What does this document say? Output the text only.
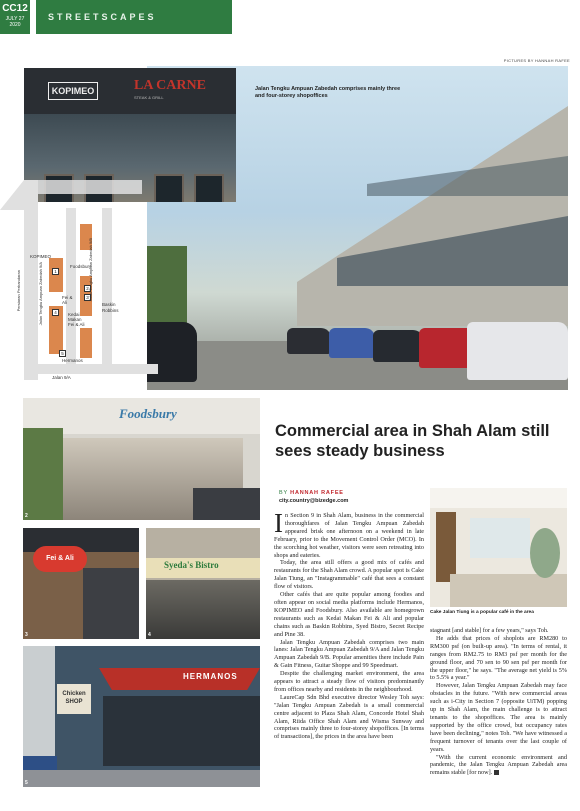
CC12
JULY 27
2020
STREETSCAPES
PICTURES BY HANNAH RAFEE
Jalan Tengku Ampuan Zabedah comprises mainly three and four-storey shopoffices
KOPIMEO	LA CARNE
STEAK & GRILL
1
2
3
4
5
KOPIMEO
Foodsbury
Fei & Ali	Baskin Robbins
Kedai Makan Fei & Ali
Hermanos
Jalan 9/A
Jalan Tengku Ampuan Zabedah 9/B
Jalan Tengku Ampuan Zabedah 9/A
Persiaran Perbandaran
Foodsbury
2
Fei & Ali
3
Syeda's Bistro
4
HERMANOS
Chicken SHOP
5
Commercial area in Shah Alam still sees steady business
BY HANNAH RAFEE
city.country@bizedge.com

In Section 9 in Shah Alam, business in the commercial thoroughfares of Jalan Tengku Ampuan Zabedah appeared brisk one afternoon on a weekend in late February, prior to the Movement Control Order (MCO). In the scorching hot weather, visitors were seen retreating into shops and eateries.

Today, the area still offers a good mix of cafés and restaurants for the Shah Alam crowd. A popular spot is Cake Jalan Tiung, an "Instagrammable" café that sees a constant flow of visitors.

Other cafés that are quite popular among foodies and often appear on social media platforms include Hermanos, KOPIMEO and Foodsbury. Also available are homegrown restaurants such as Kedai Makan Fei & Ali and popular chains such as Baskin Robbins, Syed Bistro, Secret Recipe and Pine 38.

Jalan Tengku Ampuan Zabedah comprises two main lanes: Jalan Tengku Ampuan Zabedah 9/A and Jalan Tengku Ampuan Zabedah 9/B. Popular amenities there include Pain & Gain Fitness, Guitar Shoppe and 99 Speedmart.

Despite the challenging market environment, the area appears to attract a steady flow of visitors predominantly from offices nearby and residents in the neighbourhood.

LaureCap Sdn Bhd executive director Wesley Toh says: "Jalan Tengku Ampuan Zabedah is a small commercial centre adjacent to Plaza Shah Alam, Concorde Hotel Shah Alam, Riida Office Shah Alam and Wisma Sunway and comprises mainly three to four-storey shopoffices. [In terms of transactions], the prices in the area have been

Cake Jalan Tiung is a popular café in the area

stagnant [and stable] for a few years," says Toh.

He adds that prices of shoplots are RM280 to RM300 psf (on built-up area). "In terms of rental, it ranges from RM2.75 to RM3 psf per month for the ground floor, and 70 sen to 90 sen psf per month for the upper floor," he says. "The average net yield is 5% to 5.5% a year."

However, Jalan Tengku Ampuan Zabedah may face obstacles in the future. "With new commercial areas such as i-City in Section 7 (opposite UiTM) popping up in Shah Alam, the main challenge is to attract tenants to the shopoffices. The area is mainly supported by the office crowd, but occupancy rates have been declining," notes Toh. "We have witnessed a frequent turnover of tenants over the last couple of years.

"With the current economic environment and pandemic, the Jalan Tengku Ampuan Zabedah area remains stable [for now].
